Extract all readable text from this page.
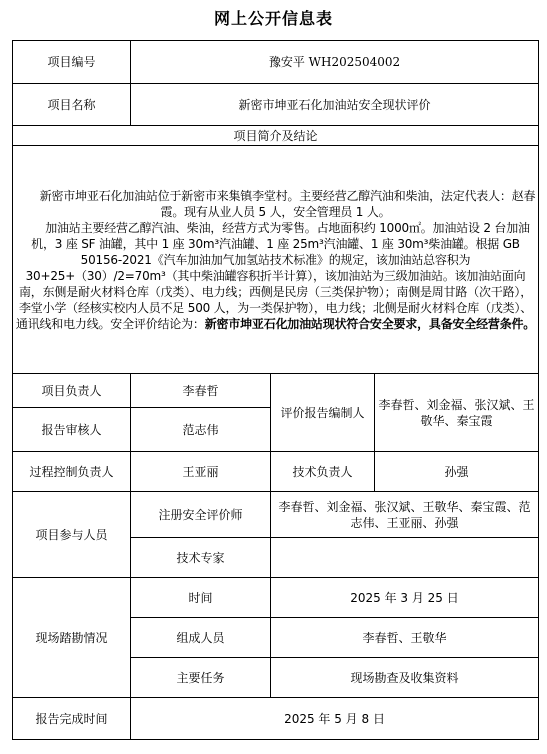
网上公开信息表
项目编号	豫安平 WH202504002		
项目名称	新密市坤亚石化加油站安全现状评价		
项目简介及结论			

新密市坤亚石化加油站位于新密市来集镇李堂村。主要经营乙醇汽油和柴油，法定代表人：赵春霞。现有从业人员 5 人，安全管理员 1 人。

加油站主要经营乙醇汽油、柴油，经营方式为零售。占地面积约 1000㎡。加油站设 2 台加油机，3 座 SF 油罐，其中 1 座 30m³汽油罐、1 座 25m³汽油罐、1 座 30m³柴油罐。根据 GB 50156-2021《汽车加油加气加氢站技术标准》的规定，该加油站总容积为 30+25+（30）/2=70m³（其中柴油罐容积折半计算），该加油站为三级加油站。该加油站面向南，东侧是耐火材料仓库（戊类）、电力线；西侧是民房（三类保护物）；南侧是周甘路（次干路），李堂小学（经核实校内人员不足 500 人，为一类保护物），电力线；北侧是耐火材料仓库（戊类）、通讯线和电力线。安全评价结论为：新密市坤亚石化加油站现状符合安全要求，具备安全经营条件。			

项目负责人	李春哲	评价报告编制人	李春哲、刘金福、张汉斌、王敬华、秦宝霞
报告审核人	范志伟		
过程控制负责人	王亚丽	技术负责人	孙强
项目参与人员	注册安全评价师	李春哲、刘金福、张汉斌、王敬华、秦宝霞、范志伟、王亚丽、孙强	
	技术专家		
现场踏勘情况	时间	2025 年 3 月 25 日	
	组成人员	李春哲、王敬华	
	主要任务	现场勘查及收集资料	
报告完成时间	2025 年 5 月 8 日		
